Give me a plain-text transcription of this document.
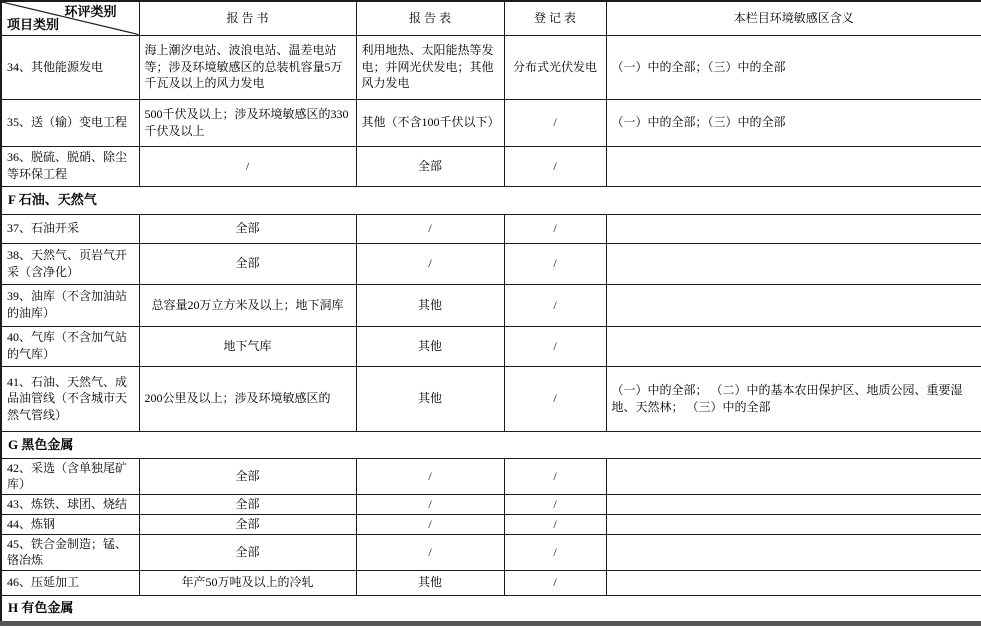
环评类别
项目类别	报 告 书	报 告 表	登 记 表	本栏目环境敏感区含义
34、其他能源发电	海上潮汐电站、波浪电站、温差电站等；涉及环境敏感区的总装机容量5万千瓦及以上的风力发电	利用地热、太阳能热等发电；并网光伏发电；其他风力发电	分布式光伏发电	（一）中的全部；（三）中的全部
35、送（输）变电工程	500千伏及以上；涉及环境敏感区的330千伏及以上	其他（不含100千伏以下）	/	（一）中的全部；（三）中的全部
36、脱硫、脱硝、除尘等环保工程	/	全部	/	
F 石油、天然气				
37、石油开采	全部	/	/	
38、天然气、页岩气开采（含净化）	全部	/	/	
39、油库（不含加油站的油库）	总容量20万立方米及以上；地下洞库	其他	/	
40、气库（不含加气站的气库）	地下气库	其他	/	
41、石油、天然气、成品油管线（不含城市天然气管线）	200公里及以上；涉及环境敏感区的	其他	/	（一）中的全部； （二）中的基本农田保护区、地质公园、重要湿地、天然林； （三）中的全部
G 黑色金属				
42、采选（含单独尾矿库）	全部	/	/	
43、炼铁、球团、烧结	全部	/	/	
44、炼钢	全部	/	/	
45、铁合金制造；锰、铬冶炼	全部	/	/	
46、压延加工	年产50万吨及以上的冷轧	其他	/	
H 有色金属				
